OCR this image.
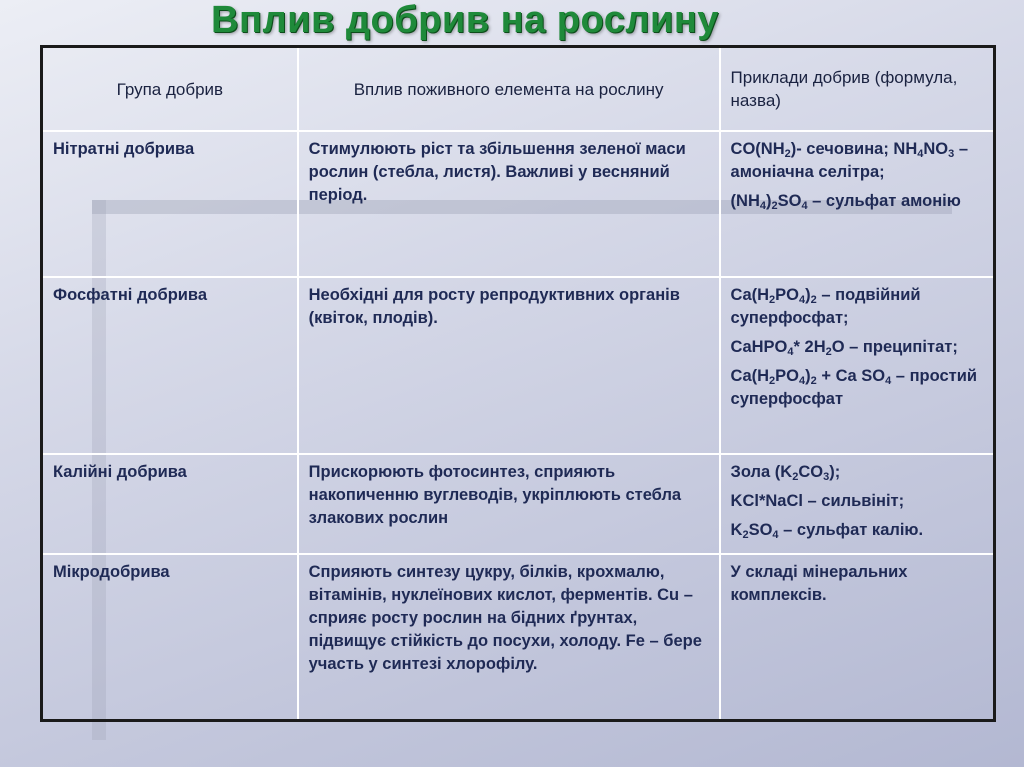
Вплив добрив на рослину
Група добрив	Вплив поживного елемента на рослину	Приклади добрив (формула, назва)
Нітратні добрива	Стимулюють ріст та збільшення зеленої маси рослин (стебла, листя). Важливі у весняний період.	$CO(NH_2)-$ сечовина; $NH_4NO_3$ – амоніачна селітра;
$(NH_4)_2SO_4$ – сульфат амонію

Фосфатні добрива	Необхідні для росту репродуктивних органів (квіток, плодів).	$Ca(H_2PO_4)_2$ – подвійний суперфосфат;
CaHPO$_4$* $2H_2O$ – преципітат;
$Ca(H_2PO_4)_2 + Ca$ $SO_4$ – простий суперфосфат

Калійні добрива	Прискорюють фотосинтез, сприяють накопиченню вуглеводів, укріплюють стебла злакових рослин	Зола $(K_2CO_3)$;
KCl*NaCl – сильвініт;
$K_2SO_4$ – сульфат калію.

Мікродобрива	Сприяють синтезу цукру, білків, крохмалю, вітамінів, нуклеїнових кислот, ферментів. Cu – сприяє росту рослин на бідних ґрунтах, підвищує стійкість до посухи, холоду. Fe – бере участь у синтезі хлорофілу.	У складі мінеральних комплексів.
